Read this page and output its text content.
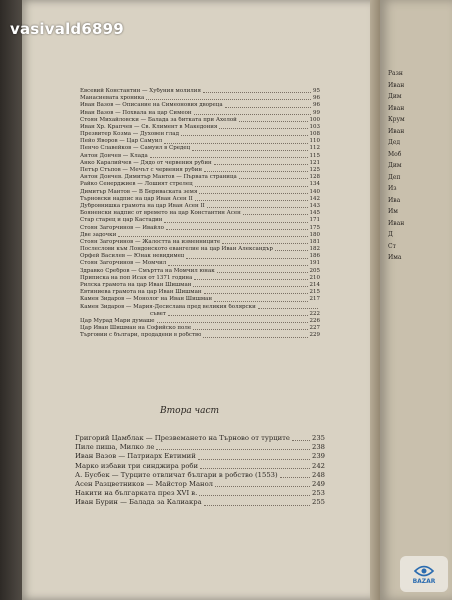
vasivald6899
Евсевий Константин — Хубуния молилия	95
Манасиевата хроника	96
Иван Вазов — Описание на Симеоновия двореца	96
Иван Вазов — Похвала на цар Симеон	99
Стоян Михайловски — Балада за битката при Ахелой	100
Иван Хр. Крапчев — Св. Климент в Македония	103
Презвитер Козма — Духовен глад	108
Пейо Яворов — Цар Самуил	110
Пенчо Славейков — Самуил в Средец	112
Антон Дончев — Клада	115
Анко Каралийчев — Дядо от червения рубин	121
Петър Стъпов — Мечът с червения рубин	125
Антон Дончев. Димитър Мантов — Първата страница	128
Райко Сенерджиев — Лошият стрелец	134
Димитър Мантов — В Бериваската земя	140
Търновски надпис на цар Иван Асен II	142
Дубровнишка грамота на цар Иван Асен II	143
Бояненски надпис от времето на цар Константин Асен	145
Стар старец и цар Кастадин	171
Стоян Загорчинов — Ивайло	175
Две задочки	180
Стоян Загорчинов — Жалостта на изменниците	181
Послеслови към Лондонското евангелие на цар Иван Александър	182
Орфей Василев — Юнак невидимец	186
Стоян Загорчинов — Момчил	191
Здравко Сребров — Смъртта на Момчил юнак	205
Приписка на поп Исая от 1371 година	210
Рилска грамота на цар Иван Шишман	214
Евтиниева грамота на цар Иван Шишман	215
Камен Зидаров — Монолог на Иван Шишман	217
Камен Зидаров — Мария-Десислава пред великия болярски
съвет	222
Цар Мурад Мари думаше	226
Цар Иван Шишман на Софийско поле	227
Търговии с българи, продадени в робство	229
Втора част
Григорий Цамблак — Презвемането на Търново от турците	235
Пиле пиша, Милко ле	238
Иван Вазов — Патриарх Евтимий	239
Марко избави три синджира роби	242
А. Бусбек — Турците отвличат българи в робство (1553)	248
Асен Разцветников — Майстор Манол	249
Накити на българката през XVI в.	253
Иван Бурин — Балада за Калиакра	255
Разн
Иван
Дим
Иван
Крум
Иван
Дед
Моб
Дим
Деп
Из
Ива
Им
Иван
Д
Ст
Има
BAZAR
